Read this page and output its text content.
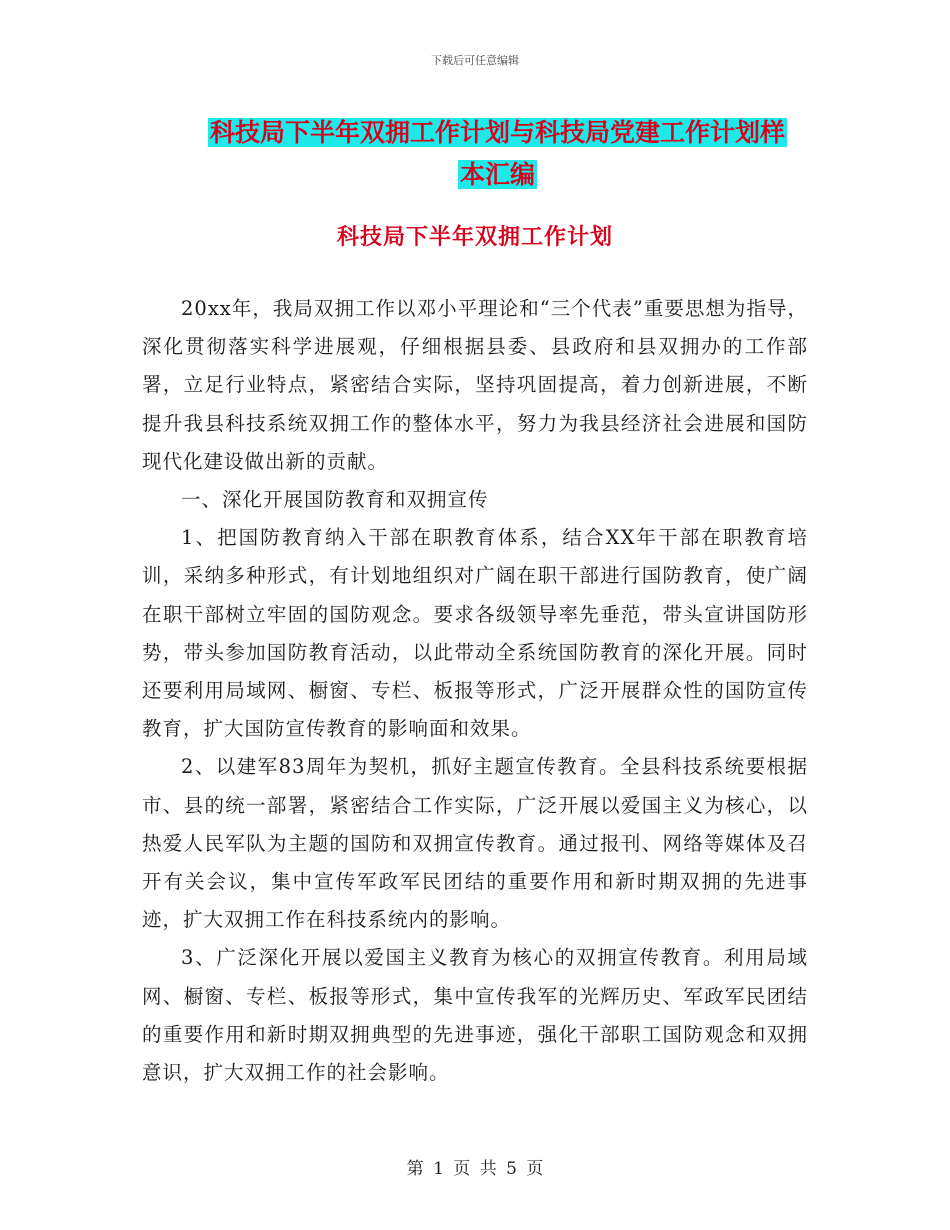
下载后可任意编辑
科技局下半年双拥工作计划与科技局党建工作计划样
本汇编
科技局下半年双拥工作计划

20xx年，我局双拥工作以邓小平理论和“三个代表”重要思想为指导，深化贯彻落实科学进展观，仔细根据县委、县政府和县双拥办的工作部署，立足行业特点，紧密结合实际，坚持巩固提高，着力创新进展，不断提升我县科技系统双拥工作的整体水平，努力为我县经济社会进展和国防现代化建设做出新的贡献。

一、深化开展国防教育和双拥宣传

1、把国防教育纳入干部在职教育体系，结合XX年干部在职教育培训，采纳多种形式，有计划地组织对广阔在职干部进行国防教育，使广阔在职干部树立牢固的国防观念。要求各级领导率先垂范，带头宣讲国防形势，带头参加国防教育活动，以此带动全系统国防教育的深化开展。同时还要利用局域网、橱窗、专栏、板报等形式，广泛开展群众性的国防宣传教育，扩大国防宣传教育的影响面和效果。

2、以建军83周年为契机，抓好主题宣传教育。全县科技系统要根据市、县的统一部署，紧密结合工作实际，广泛开展以爱国主义为核心，以热爱人民军队为主题的国防和双拥宣传教育。通过报刊、网络等媒体及召开有关会议，集中宣传军政军民团结的重要作用和新时期双拥的先进事迹，扩大双拥工作在科技系统内的影响。

3、广泛深化开展以爱国主义教育为核心的双拥宣传教育。利用局域网、橱窗、专栏、板报等形式，集中宣传我军的光辉历史、军政军民团结的重要作用和新时期双拥典型的先进事迹，强化干部职工国防观念和双拥意识，扩大双拥工作的社会影响。

第 1 页 共 5 页
